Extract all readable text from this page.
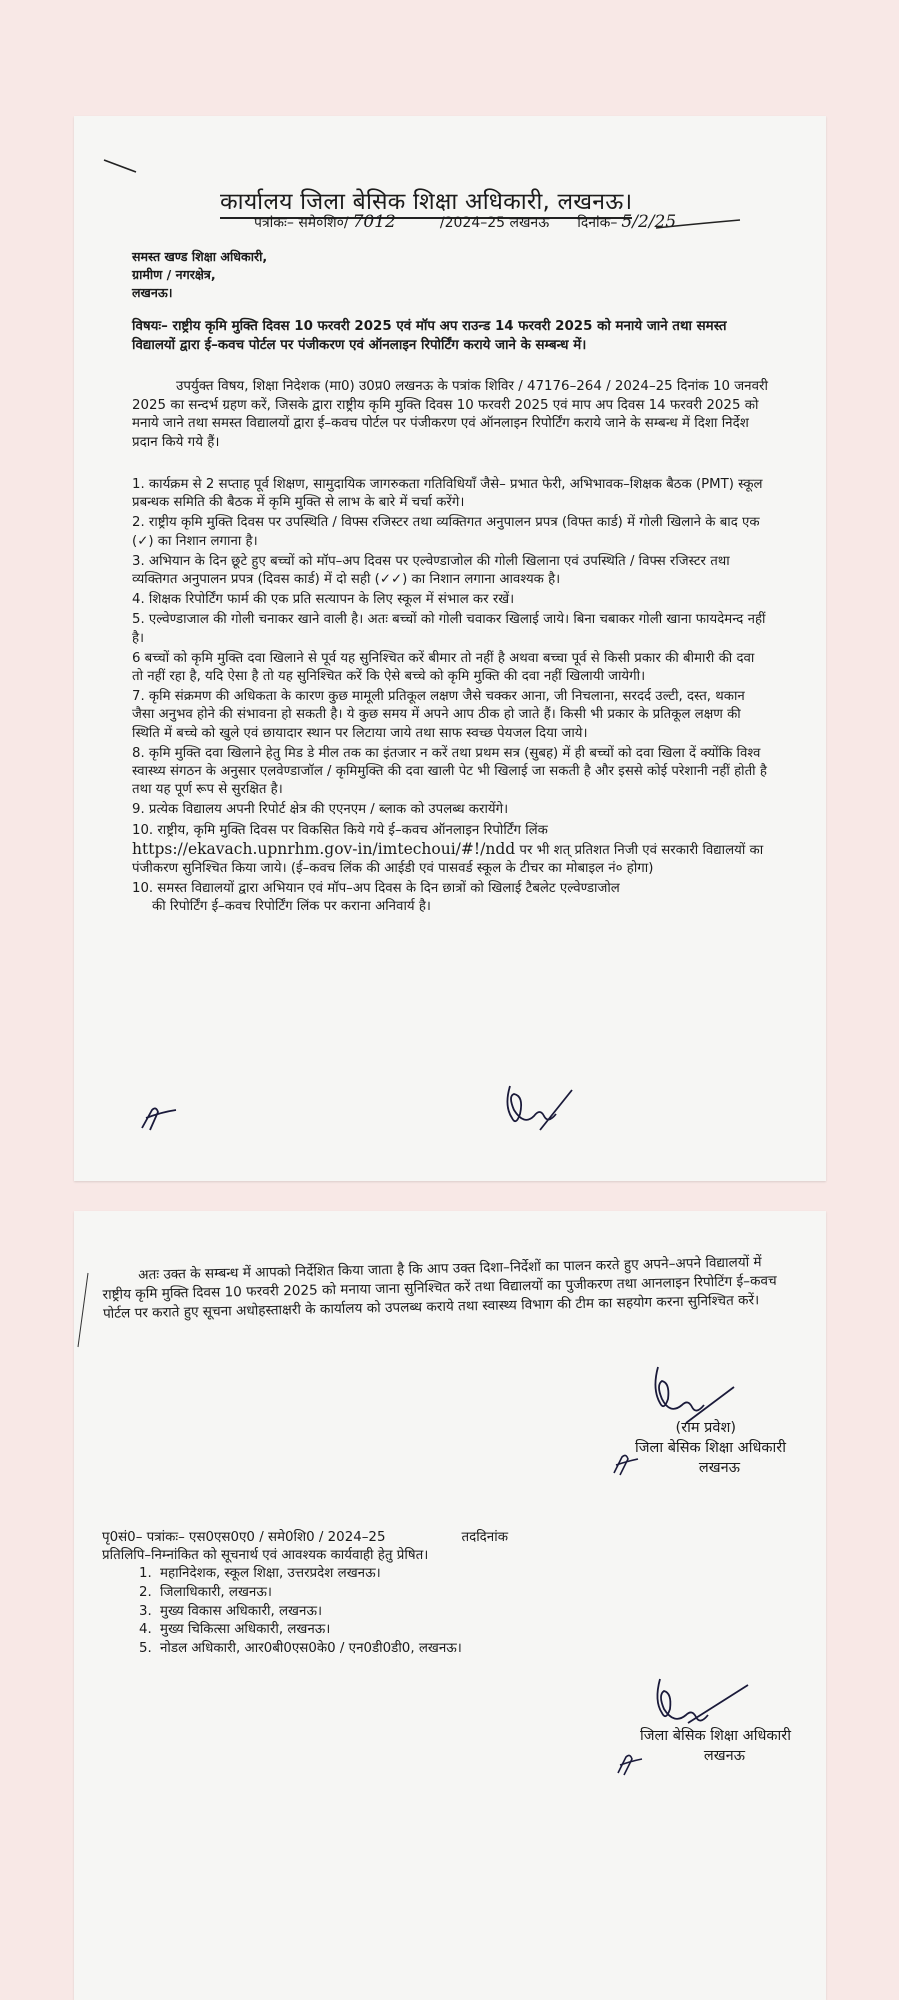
कार्यालय जिला बेसिक शिक्षा अधिकारी, लखनऊ।
पत्रांकः– समे०शि०/ 7012	/2024–25 लखनऊ दिनांक– 5/2/25
समस्त खण्ड शिक्षा अधिकारी,
ग्रामीण / नगरक्षेत्र,
लखनऊ।
विषयः– राष्ट्रीय कृमि मुक्ति दिवस 10 फरवरी 2025 एवं मॉप अप राउन्ड 14 फरवरी 2025 को मनाये जाने तथा समस्त विद्यालयों द्वारा ई–कवच पोर्टल पर पंजीकरण एवं ऑनलाइन रिपोर्टिंग कराये जाने के सम्बन्ध में।
उपर्युक्त विषय, शिक्षा निदेशक (मा0) उ0प्र0 लखनऊ के पत्रांक शिविर / 47176–264 / 2024–25 दिनांक 10 जनवरी 2025 का सन्दर्भ ग्रहण करें, जिसके द्वारा राष्ट्रीय कृमि मुक्ति दिवस 10 फरवरी 2025 एवं माप अप दिवस 14 फरवरी 2025 को मनाये जाने तथा समस्त विद्यालयों द्वारा ई–कवच पोर्टल पर पंजीकरण एवं ऑनलाइन रिपोर्टिंग कराये जाने के सम्बन्ध में दिशा निर्देश प्रदान किये गये हैं।

1. कार्यक्रम से 2 सप्ताह पूर्व शिक्षण, सामुदायिक जागरुकता गतिविधियाँ जैसे– प्रभात फेरी, अभिभावक–शिक्षक बैठक (PMT) स्कूल प्रबन्धक समिति की बैठक में कृमि मुक्ति से लाभ के बारे में चर्चा करेंगे।

2. राष्ट्रीय कृमि मुक्ति दिवस पर उपस्थिति / विफ्स रजिस्टर तथा व्यक्तिगत अनुपालन प्रपत्र (विफ्त कार्ड) में गोली खिलाने के बाद एक (✓) का निशान लगाना है।

3. अभियान के दिन छूटे हुए बच्चों को मॉप–अप दिवस पर एल्वेण्डाजोल की गोली खिलाना एवं उपस्थिति / विफ्स रजिस्टर तथा व्यक्तिगत अनुपालन प्रपत्र (दिवस कार्ड) में दो सही (✓✓) का निशान लगाना आवश्यक है।

4. शिक्षक रिपोर्टिंग फार्म की एक प्रति सत्यापन के लिए स्कूल में संभाल कर रखें।

5. एल्वेण्डाजाल की गोली चनाकर खाने वाली है। अतः बच्चों को गोली चवाकर खिलाई जाये। बिना चबाकर गोली खाना फायदेमन्द नहीं है।

6 बच्चों को कृमि मुक्ति दवा खिलाने से पूर्व यह सुनिश्चित करें बीमार तो नहीं है अथवा बच्चा पूर्व से किसी प्रकार की बीमारी की दवा तो नहीं रहा है, यदि ऐसा है तो यह सुनिश्चित करें कि ऐसे बच्चे को कृमि मुक्ति की दवा नहीं खिलायी जायेगी।

7. कृमि संक्रमण की अधिकता के कारण कुछ मामूली प्रतिकूल लक्षण जैसे चक्कर आना, जी निचलाना, सरदर्द उल्टी, दस्त, थकान जैसा अनुभव होने की संभावना हो सकती है। ये कुछ समय में अपने आप ठीक हो जाते हैं। किसी भी प्रकार के प्रतिकूल लक्षण की स्थिति में बच्चे को खुले एवं छायादार स्थान पर लिटाया जाये तथा साफ स्वच्छ पेयजल दिया जाये।

8. कृमि मुक्ति दवा खिलाने हेतु मिड डे मील तक का इंतजार न करें तथा प्रथम सत्र (सुबह) में ही बच्चों को दवा खिला दें क्योंकि विश्व स्वास्थ्य संगठन के अनुसार एलवेण्डाजॉल / कृमिमुक्ति की दवा खाली पेट भी खिलाई जा सकती है और इससे कोई परेशानी नहीं होती है तथा यह पूर्ण रूप से सुरक्षित है।

9. प्रत्येक विद्यालय अपनी रिपोर्ट क्षेत्र की एएनएम / ब्लाक को उपलब्ध करायेंगे।

10. राष्ट्रीय, कृमि मुक्ति दिवस पर विकसित किये गये ई–कवच ऑनलाइन रिपोर्टिंग लिंक https://ekavach.upnrhm.gov-in/imtechoui/#!/ndd पर भी शत् प्रतिशत निजी एवं सरकारी विद्यालयों का पंजीकरण सुनिश्चित किया जाये। (ई–कवच लिंक की आईडी एवं पासवर्ड स्कूल के टीचर का मोबाइल नं० होगा)

10. समस्त विद्यालयों द्वारा अभियान एवं मॉप–अप दिवस के दिन छात्रों को खिलाई टैबलेट एल्वेण्डाजोल
की रिपोर्टिंग ई–कवच रिपोर्टिंग लिंक पर कराना अनिवार्य है।

अतः उक्त के सम्बन्ध में आपको निर्देशित किया जाता है कि आप उक्त दिशा–निर्देशों का पालन करते हुए अपने–अपने विद्यालयों में राष्ट्रीय कृमि मुक्ति दिवस 10 फरवरी 2025 को मनाया जाना सुनिश्चित करें तथा विद्यालयों का पुजीकरण तथा आनलाइन रिपोटिंग ई–कवच पोर्टल पर कराते हुए सूचना अधोहस्ताक्षरी के कार्यालय को उपलब्ध कराये तथा स्वास्थ्य विभाग की टीम का सहयोग करना सुनिश्चित करें।
(राम प्रवेश)
जिला बेसिक शिक्षा अधिकारी
लखनऊ
पृ0सं0– पत्रांकः– एस0एस0ए0 / समे0शि0 / 2024–25	तददिनांक
प्रतिलिपि–निम्नांकित को सूचनार्थ एवं आवश्यक कार्यवाही हेतु प्रेषित।
1. महानिदेशक, स्कूल शिक्षा, उत्तरप्रदेश लखनऊ।
2. जिलाधिकारी, लखनऊ।
3. मुख्य विकास अधिकारी, लखनऊ।
4. मुख्य चिकित्सा अधिकारी, लखनऊ।
5. नोडल अधिकारी, आर0बी0एस0के0 / एन0डी0डी0, लखनऊ।
जिला बेसिक शिक्षा अधिकारी
लखनऊ
